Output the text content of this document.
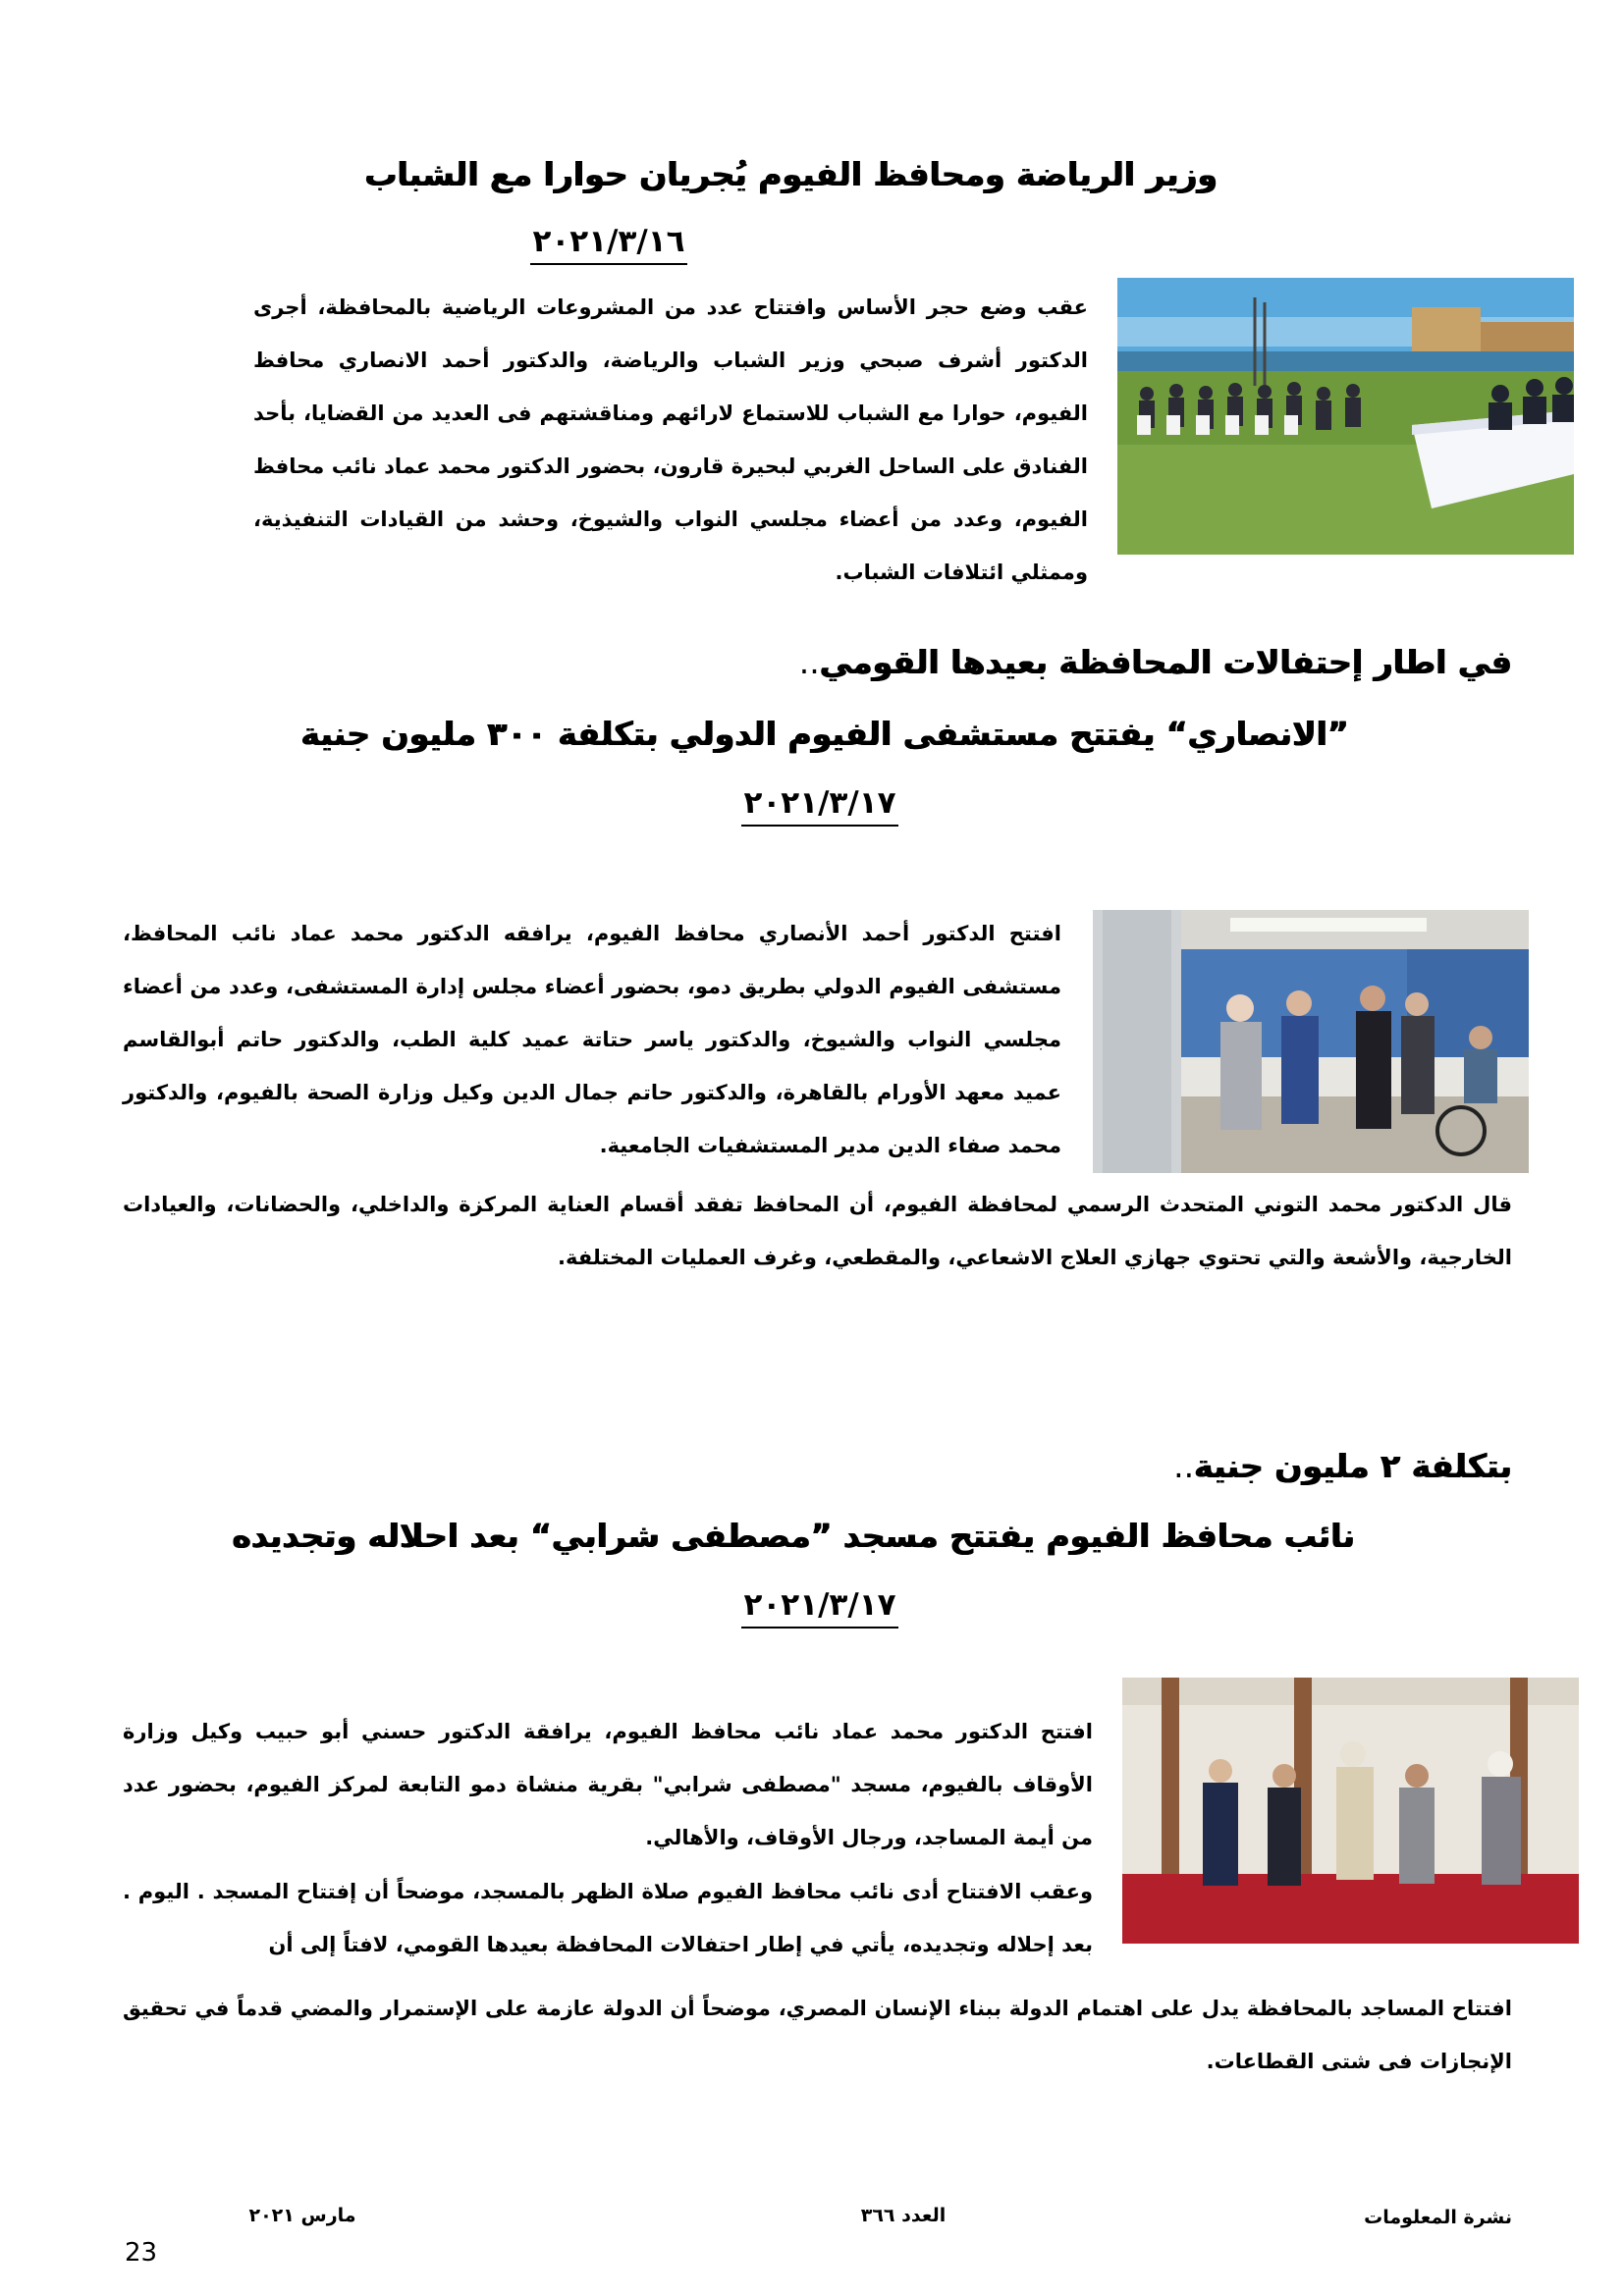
وزير الرياضة ومحافظ الفيوم يُجريان حوارا مع الشباب
٢٠٢١/٣/١٦
عقب وضع حجر الأساس وافتتاح عدد من المشروعات الرياضية بالمحافظة، أجرى الدكتور أشرف صبحي وزير الشباب والرياضة، والدكتور أحمد الانصاري محافظ الفيوم، حوارا مع الشباب للاستماع لارائهم ومناقشتهم فى العديد من القضايا، بأحد الفنادق على الساحل الغربي لبحيرة قارون، بحضور الدكتور محمد عماد نائب محافظ الفيوم، وعدد من أعضاء مجلسي النواب والشيوخ، وحشد من القيادات التنفيذية، وممثلي ائتلافات الشباب.
في اطار إحتفالات المحافظة بعيدها القومي..
”الانصاري“ يفتتح مستشفى الفيوم الدولي بتكلفة ٣٠٠ مليون جنية
٢٠٢١/٣/١٧
افتتح الدكتور أحمد الأنصاري محافظ الفيوم، يرافقه الدكتور محمد عماد نائب المحافظ، مستشفى الفيوم الدولي بطريق دمو، بحضور أعضاء مجلس إدارة المستشفى، وعدد من أعضاء مجلسي النواب والشيوخ، والدكتور ياسر حتاتة عميد كلية الطب، والدكتور حاتم أبوالقاسم عميد معهد الأورام بالقاهرة، والدكتور حاتم جمال الدين وكيل وزارة الصحة بالفيوم، والدكتور محمد صفاء الدين مدير المستشفيات الجامعية.
قال الدكتور محمد التوني المتحدث الرسمي لمحافظة الفيوم، أن المحافظ تفقد أقسام العناية المركزة والداخلي، والحضانات، والعيادات الخارجية، والأشعة والتي تحتوي جهازي العلاج الاشعاعي، والمقطعي، وغرف العمليات المختلفة.
بتكلفة ٢ مليون جنية..
نائب محافظ الفيوم يفتتح مسجد ”مصطفى شرابي“ بعد احلاله وتجديده
٢٠٢١/٣/١٧
افتتح الدكتور محمد عماد نائب محافظ الفيوم، يرافقة الدكتور حسني أبو حبيب وكيل وزارة الأوقاف بالفيوم، مسجد "مصطفى شرابي" بقرية منشاة دمو التابعة لمركز الفيوم، بحضور عدد من أيمة المساجد، ورجال الأوقاف، والأهالي.
وعقب الافتتاح أدى نائب محافظ الفيوم صلاة الظهر بالمسجد، موضحاً أن إفتتاح المسجد . اليوم . بعد إحلاله وتجديده، يأتي في إطار احتفالات المحافظة بعيدها القومي، لافتاً إلى أن
افتتاح المساجد بالمحافظة يدل على اهتمام الدولة ببناء الإنسان المصري، موضحاً أن الدولة عازمة على الإستمرار والمضي قدماً في تحقيق الإنجازات فى شتى القطاعات.
نشرة المعلومات
العدد ٣٦٦
مارس ٢٠٢١
23
